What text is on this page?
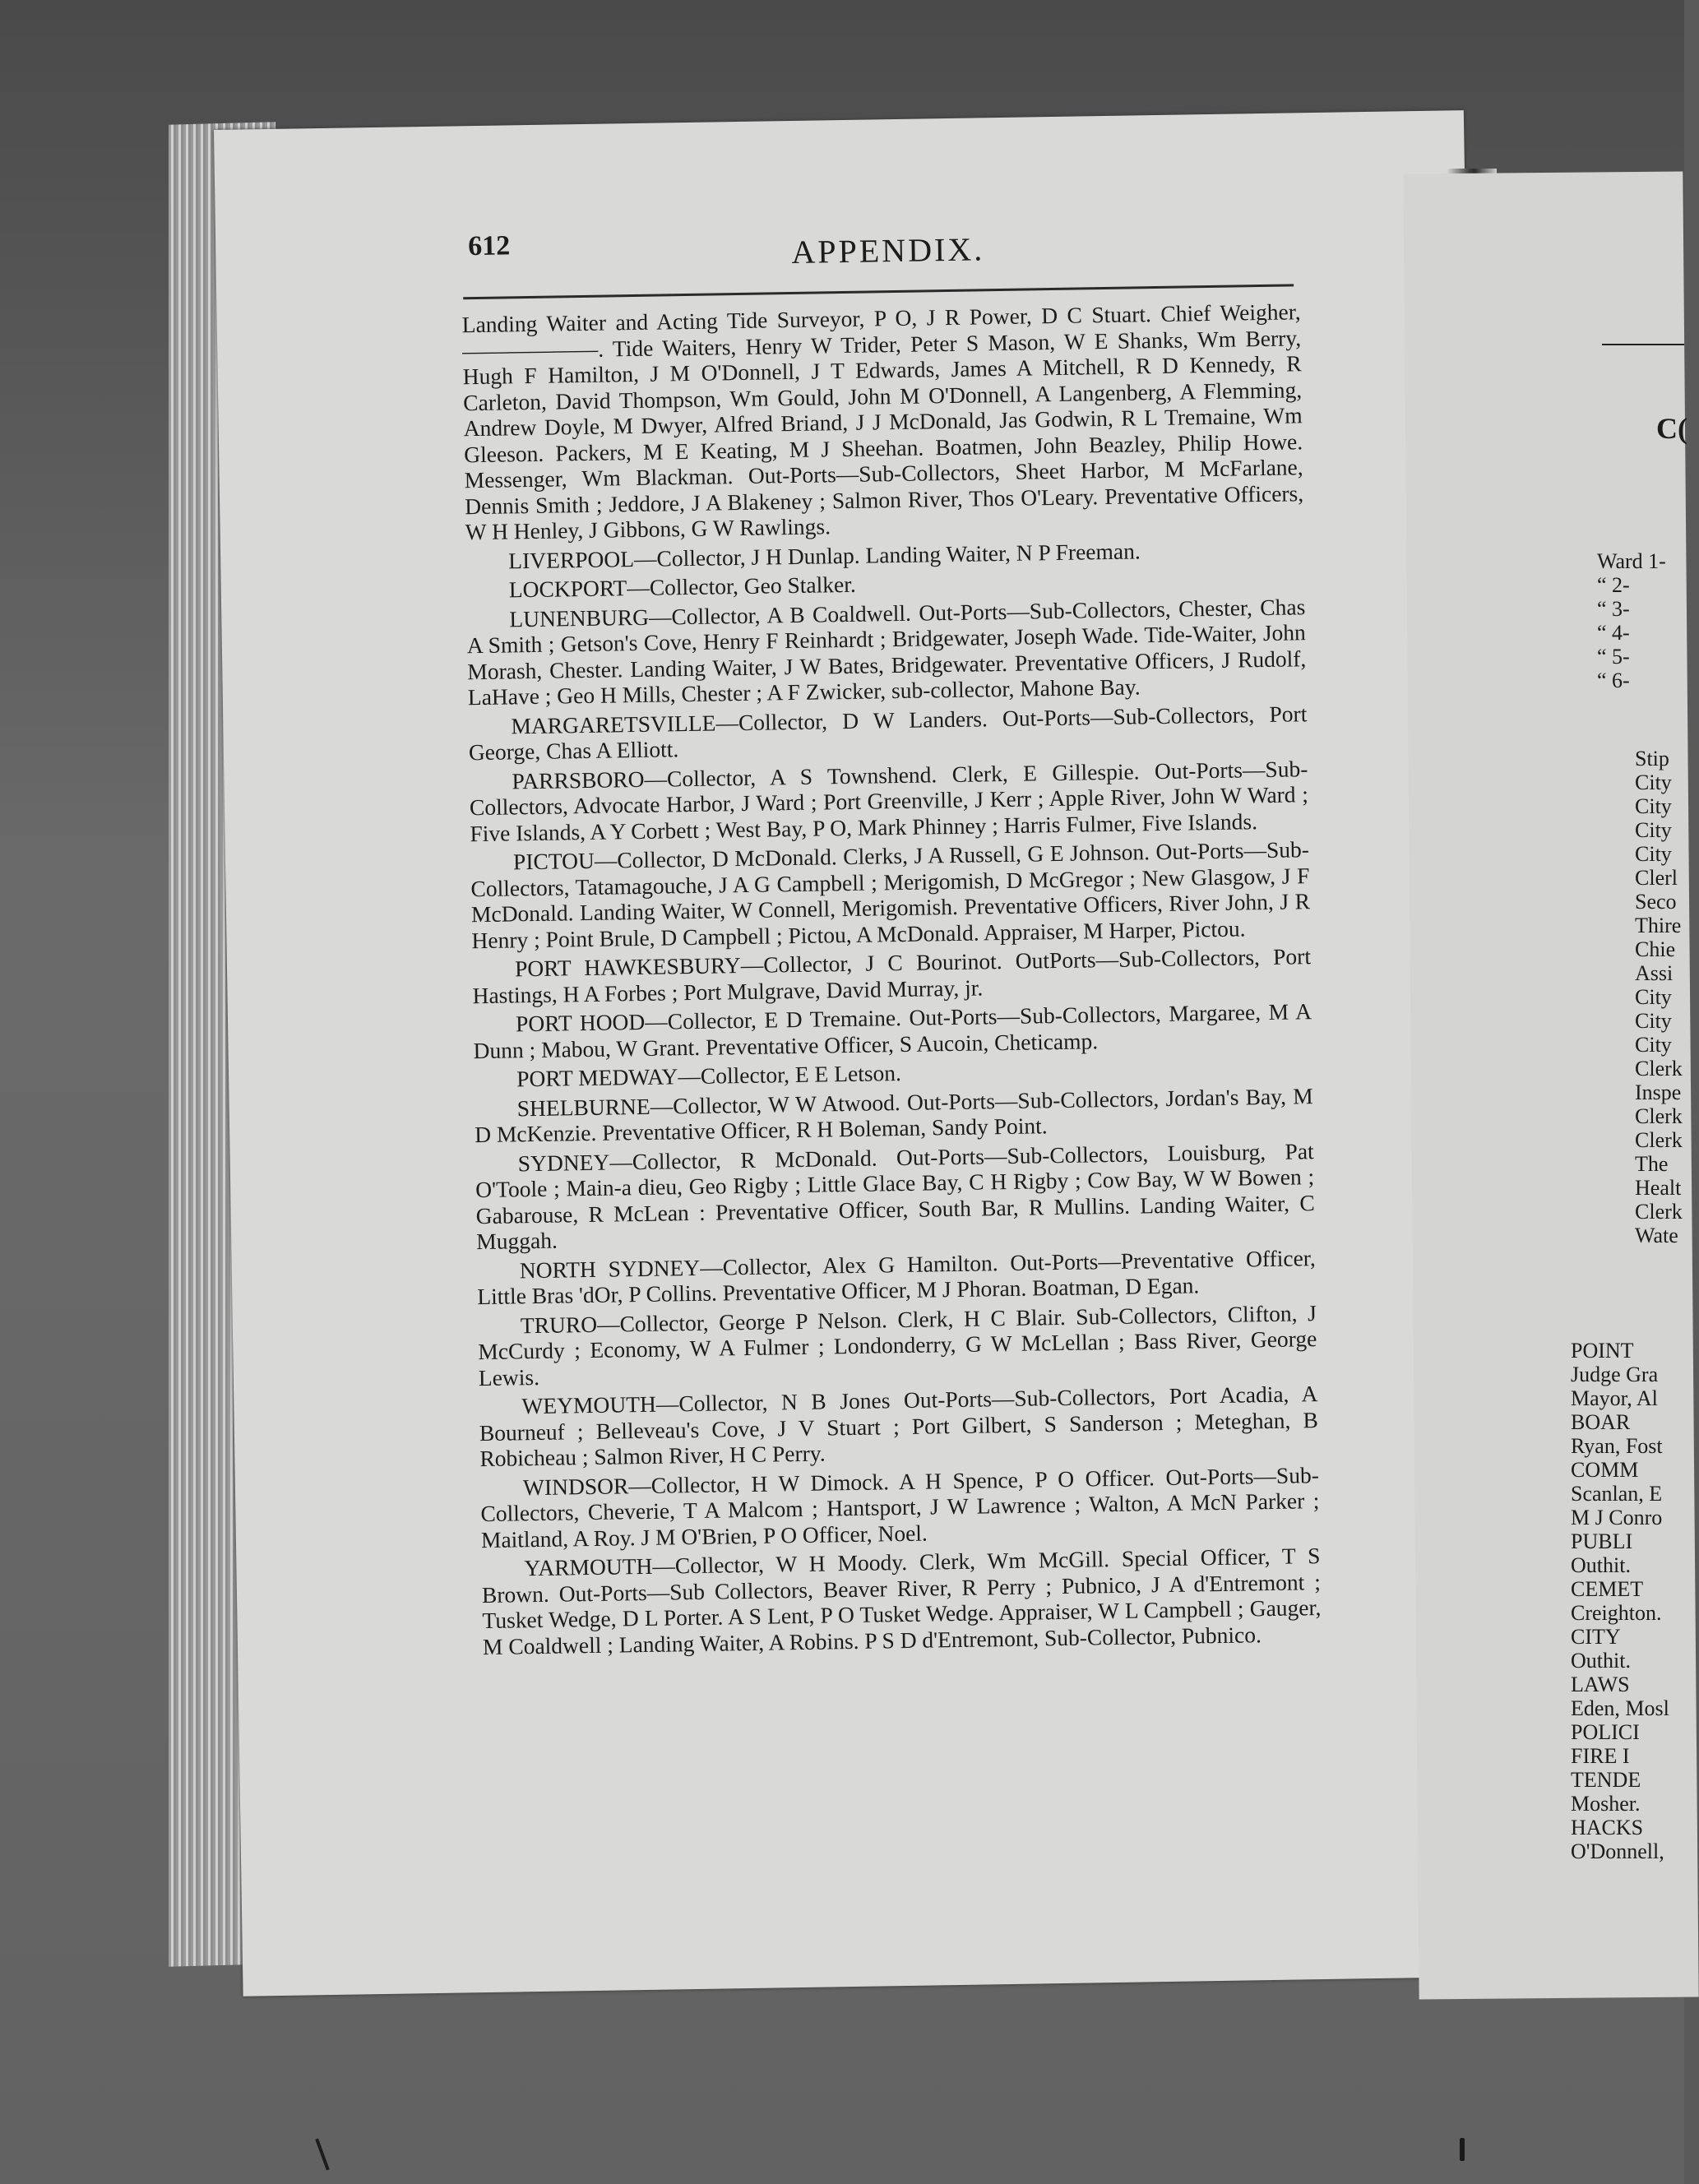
612	APPENDIX.

Landing Waiter and Acting Tide Surveyor, P O, J R Power, D C Stuart. Chief Weigher,——————. Tide Waiters, Henry W Trider, Peter S Mason, W E Shanks, Wm Berry, Hugh F Hamilton, J M O'Donnell, J T Edwards, James A Mitchell, R D Kennedy, R Carleton, David Thompson, Wm Gould, John M O'Donnell, A Langenberg, A Flemming, Andrew Doyle, M Dwyer, Alfred Briand, J J McDonald, Jas Godwin, R L Tremaine, Wm Gleeson. Packers, M E Keating, M J Sheehan. Boatmen, John Beazley, Philip Howe. Messenger, Wm Blackman. Out-Ports—Sub-Collectors, Sheet Harbor, M McFarlane, Dennis Smith ; Jeddore, J A Blakeney ; Salmon River, Thos O'Leary. Preventative Officers, W H Henley, J Gibbons, G W Rawlings.

LIVERPOOL—Collector, J H Dunlap. Landing Waiter, N P Freeman.

LOCKPORT—Collector, Geo Stalker.

LUNENBURG—Collector, A B Coaldwell. Out-Ports—Sub-Collectors, Chester, Chas A Smith ; Getson's Cove, Henry F Reinhardt ; Bridgewater, Joseph Wade. Tide-Waiter, John Morash, Chester. Landing Waiter, J W Bates, Bridgewater. Preventative Officers, J Rudolf, LaHave ; Geo H Mills, Chester ; A F Zwicker, sub-collector, Mahone Bay.

MARGARETSVILLE—Collector, D W Landers. Out-Ports—Sub-Collectors, Port George, Chas A Elliott.

PARRSBORO—Collector, A S Townshend. Clerk, E Gillespie. Out-Ports—Sub-Collectors, Advocate Harbor, J Ward ; Port Greenville, J Kerr ; Apple River, John W Ward ; Five Islands, A Y Corbett ; West Bay, P O, Mark Phinney ; Harris Fulmer, Five Islands.

PICTOU—Collector, D McDonald. Clerks, J A Russell, G E Johnson. Out-Ports—Sub-Collectors, Tatamagouche, J A G Campbell ; Merigomish, D McGregor ; New Glasgow, J F McDonald. Landing Waiter, W Connell, Merigomish. Preventative Officers, River John, J R Henry ; Point Brule, D Campbell ; Pictou, A McDonald. Appraiser, M Harper, Pictou.

PORT HAWKESBURY—Collector, J C Bourinot. OutPorts—Sub-Collectors, Port Hastings, H A Forbes ; Port Mulgrave, David Murray, jr.

PORT HOOD—Collector, E D Tremaine. Out-Ports—Sub-Collectors, Margaree, M A Dunn ; Mabou, W Grant. Preventative Officer, S Aucoin, Cheticamp.

PORT MEDWAY—Collector, E E Letson.

SHELBURNE—Collector, W W Atwood. Out-Ports—Sub-Collectors, Jordan's Bay, M D McKenzie. Preventative Officer, R H Boleman, Sandy Point.

SYDNEY—Collector, R McDonald. Out-Ports—Sub-Collectors, Louisburg, Pat O'Toole ; Main-a dieu, Geo Rigby ; Little Glace Bay, C H Rigby ; Cow Bay, W W Bowen ; Gabarouse, R McLean : Preventative Officer, South Bar, R Mullins. Landing Waiter, C Muggah.

NORTH SYDNEY—Collector, Alex G Hamilton. Out-Ports—Preventative Officer, Little Bras 'dOr, P Collins. Preventative Officer, M J Phoran. Boatman, D Egan.

TRURO—Collector, George P Nelson. Clerk, H C Blair. Sub-Collectors, Clifton, J McCurdy ; Economy, W A Fulmer ; Londonderry, G W McLellan ; Bass River, George Lewis.

WEYMOUTH—Collector, N B Jones Out-Ports—Sub-Collectors, Port Acadia, A Bourneuf ; Belleveau's Cove, J V Stuart ; Port Gilbert, S Sanderson ; Meteghan, B Robicheau ; Salmon River, H C Perry.

WINDSOR—Collector, H W Dimock. A H Spence, P O Officer. Out-Ports—Sub-Collectors, Cheverie, T A Malcom ; Hantsport, J W Lawrence ; Walton, A McN Parker ; Maitland, A Roy. J M O'Brien, P O Officer, Noel.

YARMOUTH—Collector, W H Moody. Clerk, Wm McGill. Special Officer, T S Brown. Out-Ports—Sub Collectors, Beaver River, R Perry ; Pubnico, J A d'Entremont ; Tusket Wedge, D L Porter. A S Lent, P O Tusket Wedge. Appraiser, W L Campbell ; Gauger, M Coaldwell ; Landing Waiter, A Robins. P S D d'Entremont, Sub-Collector, Pubnico.

C(
Ward 1-
“ 2-
“ 3-
“ 4-
“ 5-
“ 6-
Stip
City
City
City
City
Clerl
Seco
Thire
Chie
Assi
City
City
City
Clerk
Inspe
Clerk
Clerk
The
Healt
Clerk
Wate
POINT
Judge Gra
Mayor, Al
BOAR
Ryan, Fost
COMM
Scanlan, E
M J Conro
PUBLI
Outhit.
CEMET
Creighton.
CITY
Outhit.
LAWS
Eden, Mosl
POLICI
FIRE I
TENDE
Mosher.
HACKS
O'Donnell,
